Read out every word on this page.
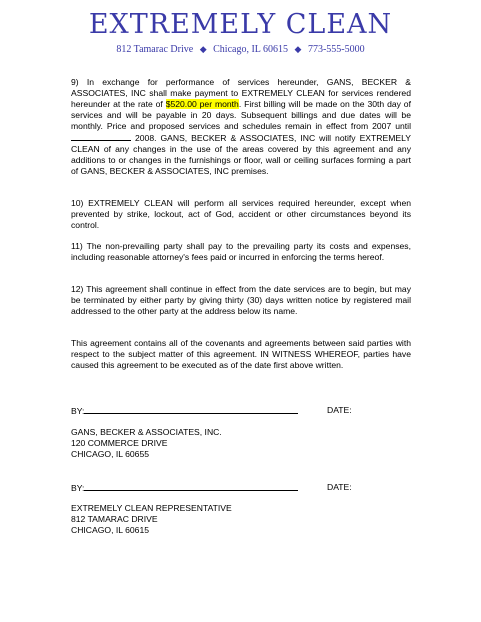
EXTREMELY CLEAN
812 Tamarac Drive ◆ Chicago, IL 60615 ◆ 773-555-5000

9) In exchange for performance of services hereunder, GANS, BECKER & ASSOCIATES, INC shall make payment to EXTREMELY CLEAN for services rendered hereunder at the rate of $520.00 per month. First billing will be made on the 30th day of services and will be payable in 20 days. Subsequent billings and due dates will be monthly. Price and proposed services and schedules remain in effect from 2007 until 2008. GANS, BECKER & ASSOCIATES, INC will notify EXTREMELY CLEAN of any changes in the use of the areas covered by this agreement and any additions to or changes in the furnishings or floor, wall or ceiling surfaces forming a part of GANS, BECKER & ASSOCIATES, INC premises.

10) EXTREMELY CLEAN will perform all services required hereunder, except when prevented by strike, lockout, act of God, accident or other circumstances beyond its control.

11) The non-prevailing party shall pay to the prevailing party its costs and expenses, including reasonable attorney's fees paid or incurred in enforcing the terms hereof.

12) This agreement shall continue in effect from the date services are to begin, but may be terminated by either party by giving thirty (30) days written notice by registered mail addressed to the other party at the address below its name.

This agreement contains all of the covenants and agreements between said parties with respect to the subject matter of this agreement. IN WITNESS WHEREOF, parties have caused this agreement to be executed as of the date first above written.

BY:	DATE:
GANS, BECKER & ASSOCIATES, INC.
120 COMMERCE DRIVE
CHICAGO, IL 60655
BY:	DATE:
EXTREMELY CLEAN REPRESENTATIVE
812 TAMARAC DRIVE
CHICAGO, IL 60615
